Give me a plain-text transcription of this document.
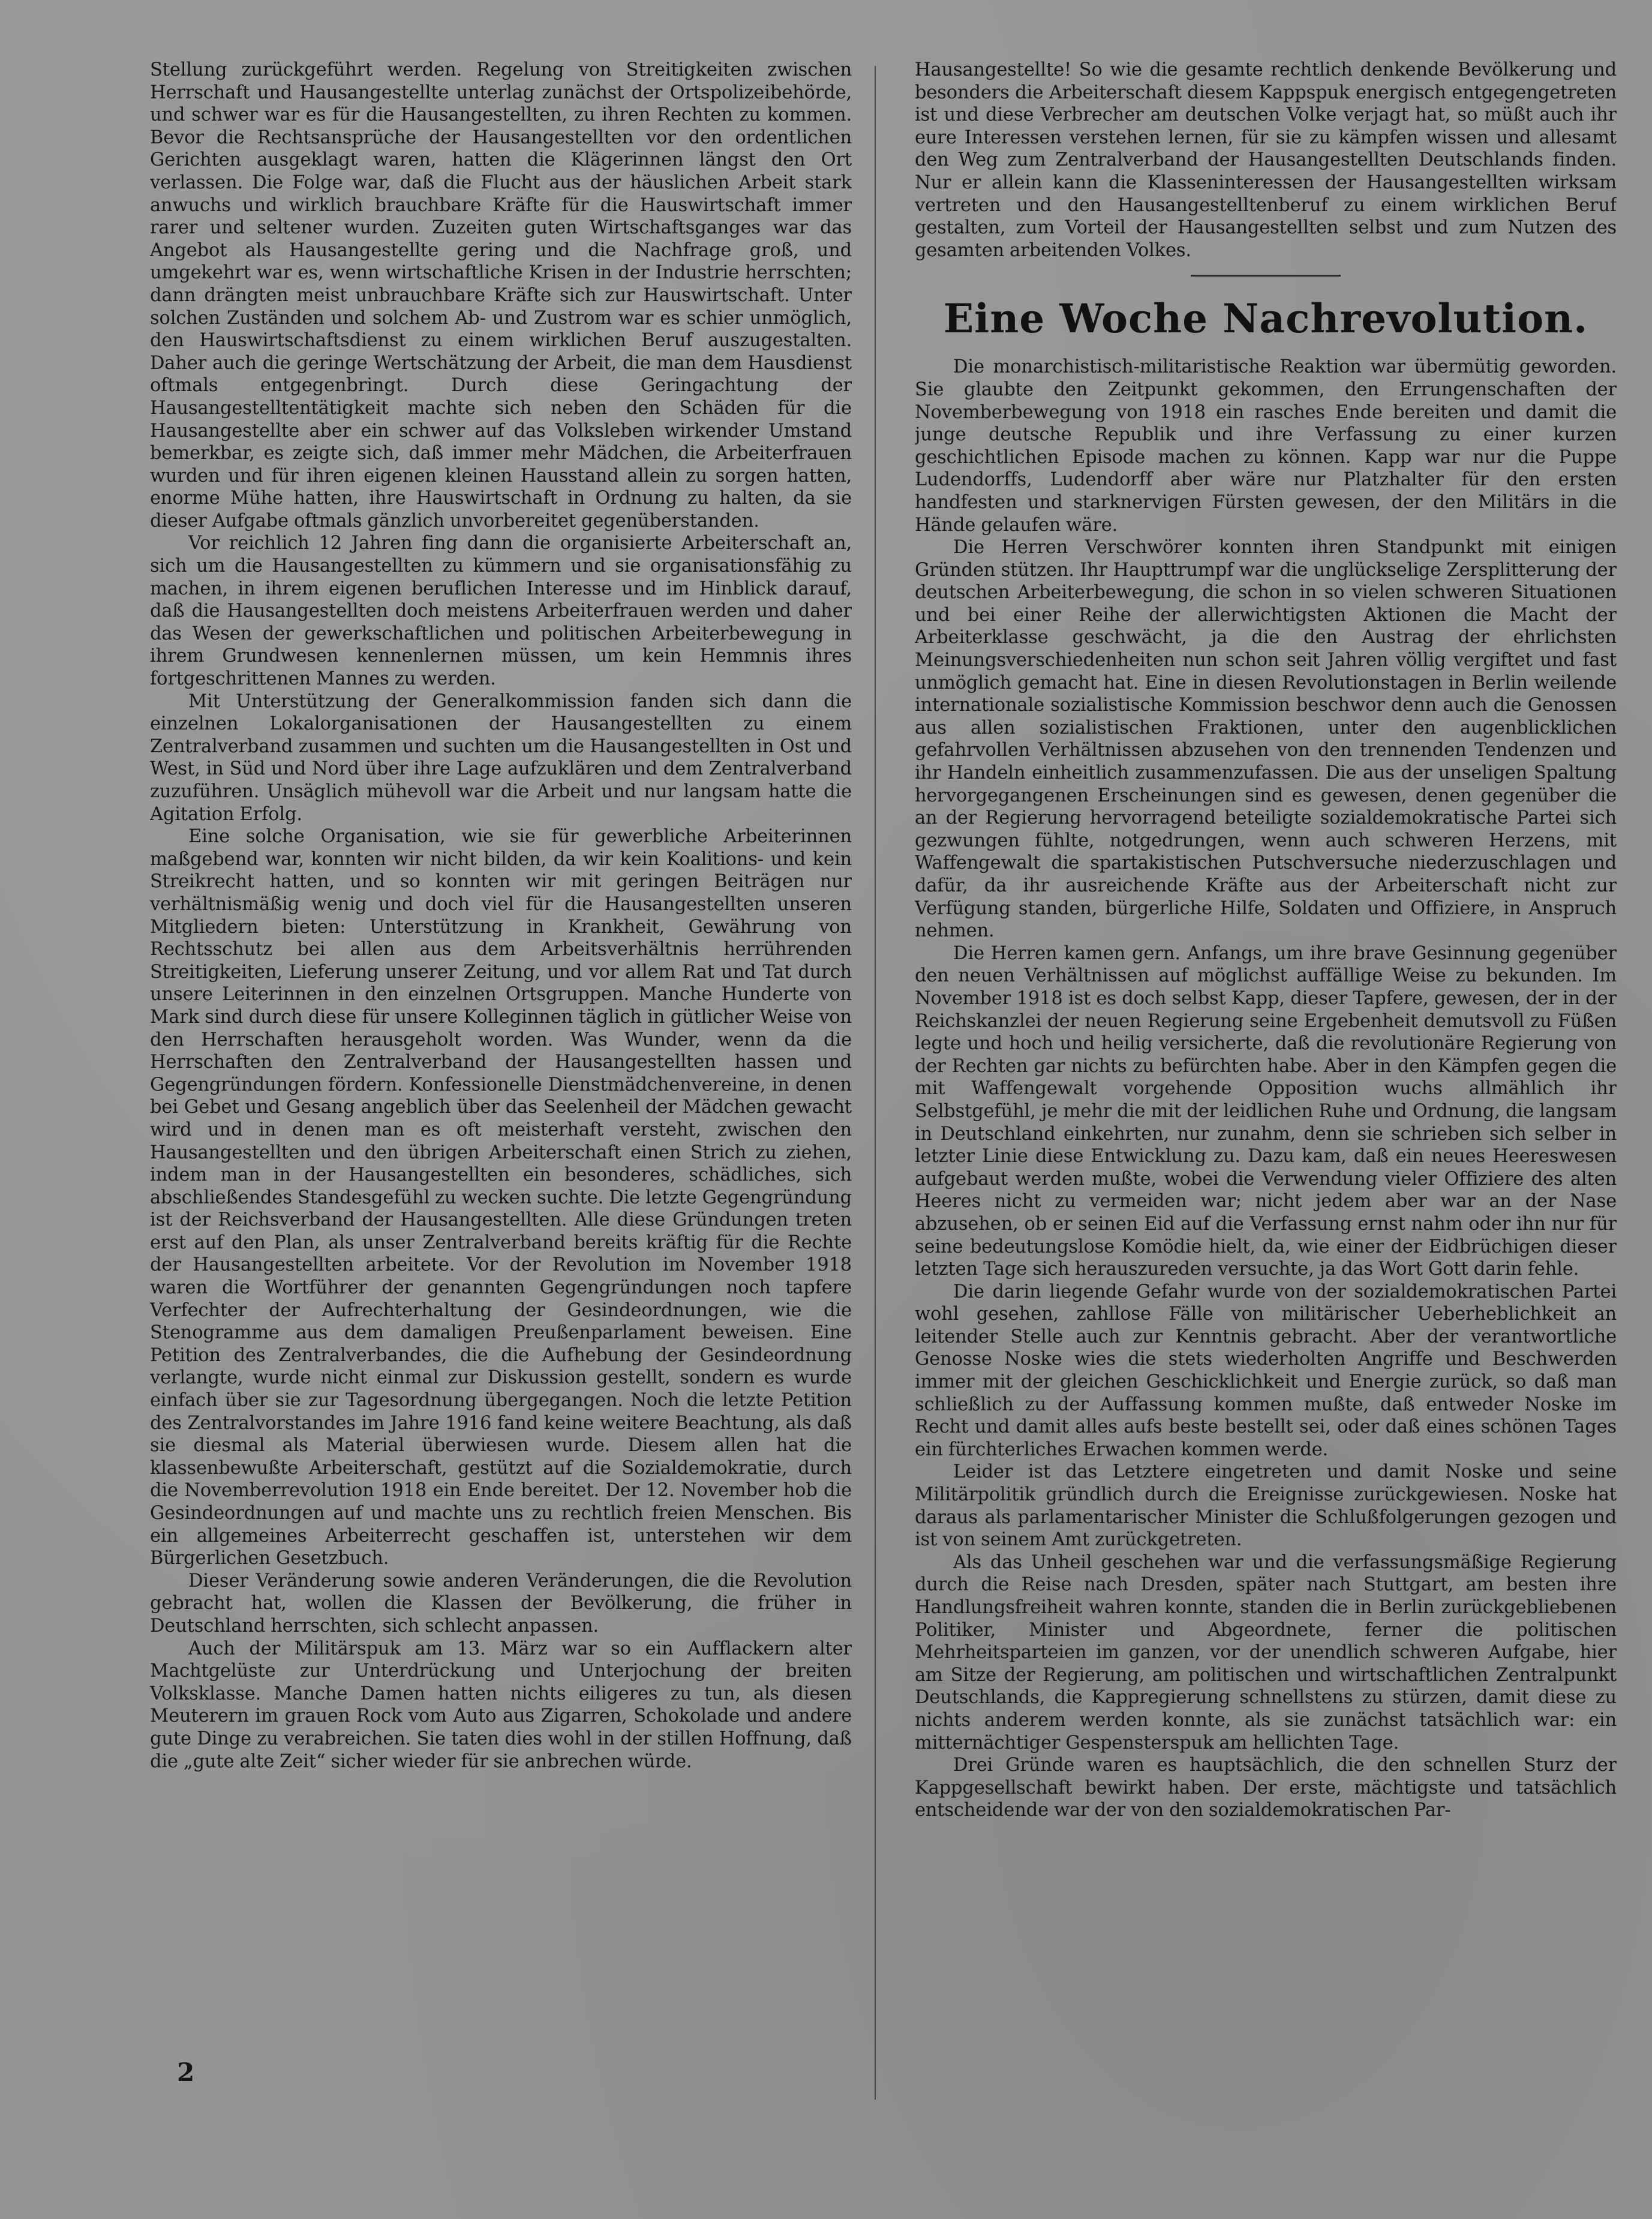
Stellung zurückgeführt werden. Regelung von Streitigkeiten zwischen Herrschaft und Hausangestellte unterlag zunächst der Ortspolizeibehörde, und schwer war es für die Hausangestellten, zu ihren Rechten zu kommen. Bevor die Rechtsansprüche der Hausangestellten vor den ordentlichen Gerichten ausgeklagt waren, hatten die Klägerinnen längst den Ort verlassen. Die Folge war, daß die Flucht aus der häuslichen Arbeit stark anwuchs und wirklich brauchbare Kräfte für die Hauswirtschaft immer rarer und seltener wurden. Zuzeiten guten Wirtschaftsganges war das Angebot als Hausangestellte gering und die Nachfrage groß, und umgekehrt war es, wenn wirtschaftliche Krisen in der Industrie herrschten; dann drängten meist unbrauchbare Kräfte sich zur Hauswirtschaft. Unter solchen Zuständen und solchem Ab- und Zustrom war es schier unmöglich, den Hauswirtschaftsdienst zu einem wirklichen Beruf auszugestalten. Daher auch die geringe Wertschätzung der Arbeit, die man dem Hausdienst oftmals entgegenbringt. Durch diese Geringachtung der Hausangestelltentätigkeit machte sich neben den Schäden für die Hausangestellte aber ein schwer auf das Volksleben wirkender Umstand bemerkbar, es zeigte sich, daß immer mehr Mädchen, die Arbeiterfrauen wurden und für ihren eigenen kleinen Hausstand allein zu sorgen hatten, enorme Mühe hatten, ihre Hauswirtschaft in Ordnung zu halten, da sie dieser Aufgabe oftmals gänzlich unvorbereitet gegenüberstanden.

Vor reichlich 12 Jahren fing dann die organisierte Arbeiterschaft an, sich um die Hausangestellten zu kümmern und sie organisationsfähig zu machen, in ihrem eigenen beruflichen Interesse und im Hinblick darauf, daß die Hausangestellten doch meistens Arbeiterfrauen werden und daher das Wesen der gewerkschaftlichen und politischen Arbeiterbewegung in ihrem Grundwesen kennenlernen müssen, um kein Hemmnis ihres fortgeschrittenen Mannes zu werden.

Mit Unterstützung der Generalkommission fanden sich dann die einzelnen Lokalorganisationen der Hausangestellten zu einem Zentralverband zusammen und suchten um die Hausangestellten in Ost und West, in Süd und Nord über ihre Lage aufzuklären und dem Zentralverband zuzuführen. Unsäglich mühevoll war die Arbeit und nur langsam hatte die Agitation Erfolg.

Eine solche Organisation, wie sie für gewerbliche Arbeiterinnen maßgebend war, konnten wir nicht bilden, da wir kein Koalitions- und kein Streikrecht hatten, und so konnten wir mit geringen Beiträgen nur verhältnismäßig wenig und doch viel für die Hausangestellten unseren Mitgliedern bieten: Unterstützung in Krankheit, Gewährung von Rechtsschutz bei allen aus dem Arbeitsverhältnis herrührenden Streitigkeiten, Lieferung unserer Zeitung, und vor allem Rat und Tat durch unsere Leiterinnen in den einzelnen Ortsgruppen. Manche Hunderte von Mark sind durch diese für unsere Kolleginnen täglich in gütlicher Weise von den Herrschaften herausgeholt worden. Was Wunder, wenn da die Herrschaften den Zentralverband der Hausangestellten hassen und Gegengründungen fördern. Konfessionelle Dienstmädchenvereine, in denen bei Gebet und Gesang angeblich über das Seelenheil der Mädchen gewacht wird und in denen man es oft meisterhaft versteht, zwischen den Hausangestellten und den übrigen Arbeiterschaft einen Strich zu ziehen, indem man in der Hausangestellten ein besonderes, schädliches, sich abschließendes Standesgefühl zu wecken suchte. Die letzte Gegengründung ist der Reichsverband der Hausangestellten. Alle diese Gründungen treten erst auf den Plan, als unser Zentralverband bereits kräftig für die Rechte der Hausangestellten arbeitete. Vor der Revolution im November 1918 waren die Wortführer der genannten Gegengründungen noch tapfere Verfechter der Aufrechterhaltung der Gesindeordnungen, wie die Stenogramme aus dem damaligen Preußenparlament beweisen. Eine Petition des Zentralverbandes, die die Aufhebung der Gesindeordnung verlangte, wurde nicht einmal zur Diskussion gestellt, sondern es wurde einfach über sie zur Tagesordnung übergegangen. Noch die letzte Petition des Zentralvorstandes im Jahre 1916 fand keine weitere Beachtung, als daß sie diesmal als Material überwiesen wurde. Diesem allen hat die klassenbewußte Arbeiterschaft, gestützt auf die Sozialdemokratie, durch die Novemberrevolution 1918 ein Ende bereitet. Der 12. November hob die Gesindeordnungen auf und machte uns zu rechtlich freien Menschen. Bis ein allgemeines Arbeiterrecht geschaffen ist, unterstehen wir dem Bürgerlichen Gesetzbuch.

Dieser Veränderung sowie anderen Veränderungen, die die Revolution gebracht hat, wollen die Klassen der Bevölkerung, die früher in Deutschland herrschten, sich schlecht anpassen.

Auch der Militärspuk am 13. März war so ein Aufflackern alter Machtgelüste zur Unterdrückung und Unterjochung der breiten Volksklasse. Manche Damen hatten nichts eiligeres zu tun, als diesen Meuterern im grauen Rock vom Auto aus Zigarren, Schokolade und andere gute Dinge zu verabreichen. Sie taten dies wohl in der stillen Hoffnung, daß die „gute alte Zeit“ sicher wieder für sie anbrechen würde.

Hausangestellte! So wie die gesamte rechtlich denkende Bevölkerung und besonders die Arbeiterschaft diesem Kappspuk energisch entgegengetreten ist und diese Verbrecher am deutschen Volke verjagt hat, so müßt auch ihr eure Interessen verstehen lernen, für sie zu kämpfen wissen und allesamt den Weg zum Zentralverband der Hausangestellten Deutschlands finden. Nur er allein kann die Klasseninteressen der Hausangestellten wirksam vertreten und den Hausangestelltenberuf zu einem wirklichen Beruf gestalten, zum Vorteil der Hausangestellten selbst und zum Nutzen des gesamten arbeitenden Volkes.

Eine Woche Nachrevolution.

Die monarchistisch-militaristische Reaktion war übermütig geworden. Sie glaubte den Zeitpunkt gekommen, den Errungenschaften der Novemberbewegung von 1918 ein rasches Ende bereiten und damit die junge deutsche Republik und ihre Verfassung zu einer kurzen geschichtlichen Episode machen zu können. Kapp war nur die Puppe Ludendorffs, Ludendorff aber wäre nur Platzhalter für den ersten handfesten und starknervigen Fürsten gewesen, der den Militärs in die Hände gelaufen wäre.

Die Herren Verschwörer konnten ihren Standpunkt mit einigen Gründen stützen. Ihr Haupttrumpf war die unglückselige Zersplitterung der deutschen Arbeiterbewegung, die schon in so vielen schweren Situationen und bei einer Reihe der allerwichtigsten Aktionen die Macht der Arbeiterklasse geschwächt, ja die den Austrag der ehrlichsten Meinungsverschiedenheiten nun schon seit Jahren völlig vergiftet und fast unmöglich gemacht hat. Eine in diesen Revolutionstagen in Berlin weilende internationale sozialistische Kommission beschwor denn auch die Genossen aus allen sozialistischen Fraktionen, unter den augenblicklichen gefahrvollen Verhältnissen abzusehen von den trennenden Tendenzen und ihr Handeln einheitlich zusammenzufassen. Die aus der unseligen Spaltung hervorgegangenen Erscheinungen sind es gewesen, denen gegenüber die an der Regierung hervorragend beteiligte sozialdemokratische Partei sich gezwungen fühlte, notgedrungen, wenn auch schweren Herzens, mit Waffengewalt die spartakistischen Putschversuche niederzuschlagen und dafür, da ihr ausreichende Kräfte aus der Arbeiterschaft nicht zur Verfügung standen, bürgerliche Hilfe, Soldaten und Offiziere, in Anspruch nehmen.

Die Herren kamen gern. Anfangs, um ihre brave Gesinnung gegenüber den neuen Verhältnissen auf möglichst auffällige Weise zu bekunden. Im November 1918 ist es doch selbst Kapp, dieser Tapfere, gewesen, der in der Reichskanzlei der neuen Regierung seine Ergebenheit demutsvoll zu Füßen legte und hoch und heilig versicherte, daß die revolutionäre Regierung von der Rechten gar nichts zu befürchten habe. Aber in den Kämpfen gegen die mit Waffengewalt vorgehende Opposition wuchs allmählich ihr Selbstgefühl, je mehr die mit der leidlichen Ruhe und Ordnung, die langsam in Deutschland einkehrten, nur zunahm, denn sie schrieben sich selber in letzter Linie diese Entwicklung zu. Dazu kam, daß ein neues Heereswesen aufgebaut werden mußte, wobei die Verwendung vieler Offiziere des alten Heeres nicht zu vermeiden war; nicht jedem aber war an der Nase abzusehen, ob er seinen Eid auf die Verfassung ernst nahm oder ihn nur für seine bedeutungslose Komödie hielt, da, wie einer der Eidbrüchigen dieser letzten Tage sich herauszureden versuchte, ja das Wort Gott darin fehle.

Die darin liegende Gefahr wurde von der sozialdemokratischen Partei wohl gesehen, zahllose Fälle von militärischer Ueberheblichkeit an leitender Stelle auch zur Kenntnis gebracht. Aber der verantwortliche Genosse Noske wies die stets wiederholten Angriffe und Beschwerden immer mit der gleichen Geschicklichkeit und Energie zurück, so daß man schließlich zu der Auffassung kommen mußte, daß entweder Noske im Recht und damit alles aufs beste bestellt sei, oder daß eines schönen Tages ein fürchterliches Erwachen kommen werde.

Leider ist das Letztere eingetreten und damit Noske und seine Militärpolitik gründlich durch die Ereignisse zurückgewiesen. Noske hat daraus als parlamentarischer Minister die Schlußfolgerungen gezogen und ist von seinem Amt zurückgetreten.

Als das Unheil geschehen war und die verfassungsmäßige Regierung durch die Reise nach Dresden, später nach Stuttgart, am besten ihre Handlungsfreiheit wahren konnte, standen die in Berlin zurückgebliebenen Politiker, Minister und Abgeordnete, ferner die politischen Mehrheitsparteien im ganzen, vor der unendlich schweren Aufgabe, hier am Sitze der Regierung, am politischen und wirtschaftlichen Zentralpunkt Deutschlands, die Kappregierung schnellstens zu stürzen, damit diese zu nichts anderem werden konnte, als sie zunächst tatsächlich war: ein mitternächtiger Gespensterspuk am hellichten Tage.

Drei Gründe waren es hauptsächlich, die den schnellen Sturz der Kappgesellschaft bewirkt haben. Der erste, mächtigste und tatsächlich entscheidende war der von den sozialdemokratischen Par-

2
